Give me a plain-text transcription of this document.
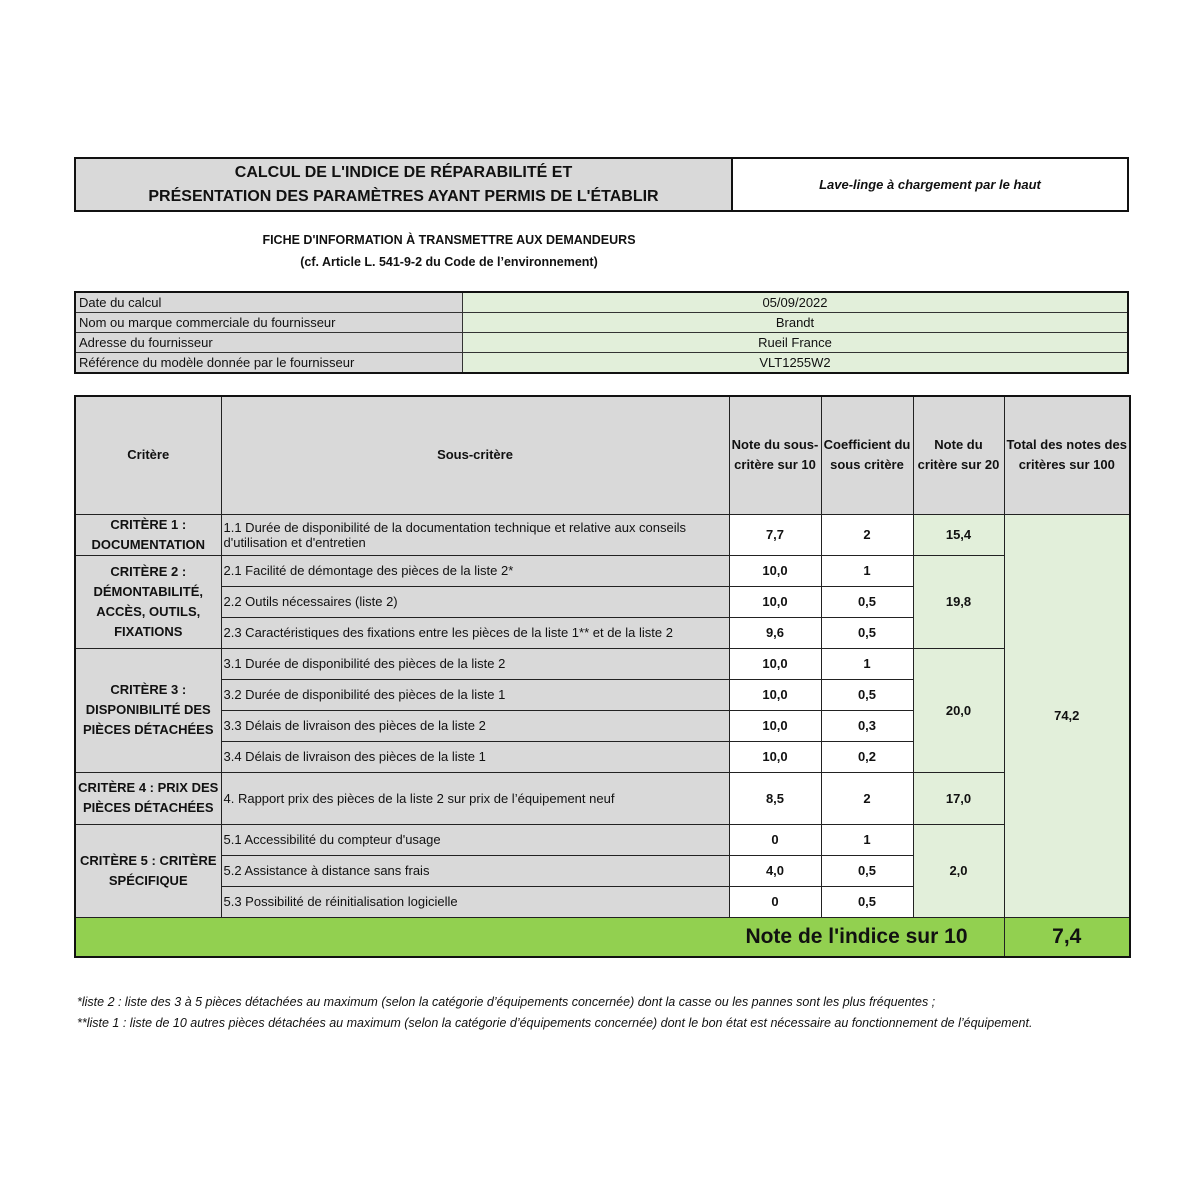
CALCUL DE L'INDICE DE RÉPARABILITÉ ET
PRÉSENTATION DES PARAMÈTRES AYANT PERMIS DE L'ÉTABLIR
Lave-linge à chargement par le haut
FICHE D'INFORMATION À TRANSMETTRE AUX DEMANDEURS
(cf. Article L. 541-9-2 du Code de l’environnement)
Date du calcul	05/09/2022
Nom ou marque commerciale du fournisseur	Brandt
Adresse du fournisseur	Rueil France
Référence du modèle donnée par le fournisseur	VLT1255W2
Critère	Sous-critère	Note du sous-critère sur 10	Coefficient du sous critère	Note du critère sur 20	Total des notes des critères sur 100
CRITÈRE 1 : DOCUMENTATION	1.1 Durée de disponibilité de la documentation technique et relative aux conseils d'utilisation et d'entretien	7,7	2	15,4	74,2
CRITÈRE 2 : DÉMONTABILITÉ, ACCÈS, OUTILS, FIXATIONS	2.1 Facilité de démontage des pièces de la liste 2*	10,0	1	19,8	
	2.2 Outils nécessaires (liste 2)	10,0	0,5		
	2.3 Caractéristiques des fixations entre les pièces de la liste 1** et de la liste 2	9,6	0,5		
CRITÈRE 3 : DISPONIBILITÉ DES PIÈCES DÉTACHÉES	3.1 Durée de disponibilité des pièces de la liste 2	10,0	1	20,0	
	3.2 Durée de disponibilité des pièces de la liste 1	10,0	0,5		
	3.3 Délais de livraison des pièces de la liste 2	10,0	0,3		
	3.4 Délais de livraison des pièces de la liste 1	10,0	0,2		
CRITÈRE 4 : PRIX DES PIÈCES DÉTACHÉES	4. Rapport prix des pièces de la liste 2 sur prix de l’équipement neuf	8,5	2	17,0	
CRITÈRE 5 : CRITÈRE SPÉCIFIQUE	5.1 Accessibilité du compteur d'usage	0	1	2,0	
	5.2 Assistance à distance sans frais	4,0	0,5		
	5.3 Possibilité de réinitialisation logicielle	0	0,5		
Note de l'indice sur 10					7,4
*liste 2 : liste des 3 à 5 pièces détachées au maximum (selon la catégorie d’équipements concernée) dont la casse ou les pannes sont les plus fréquentes ;
**liste 1 : liste de 10 autres pièces détachées au maximum (selon la catégorie d’équipements concernée) dont le bon état est nécessaire au fonctionnement de l’équipement.
